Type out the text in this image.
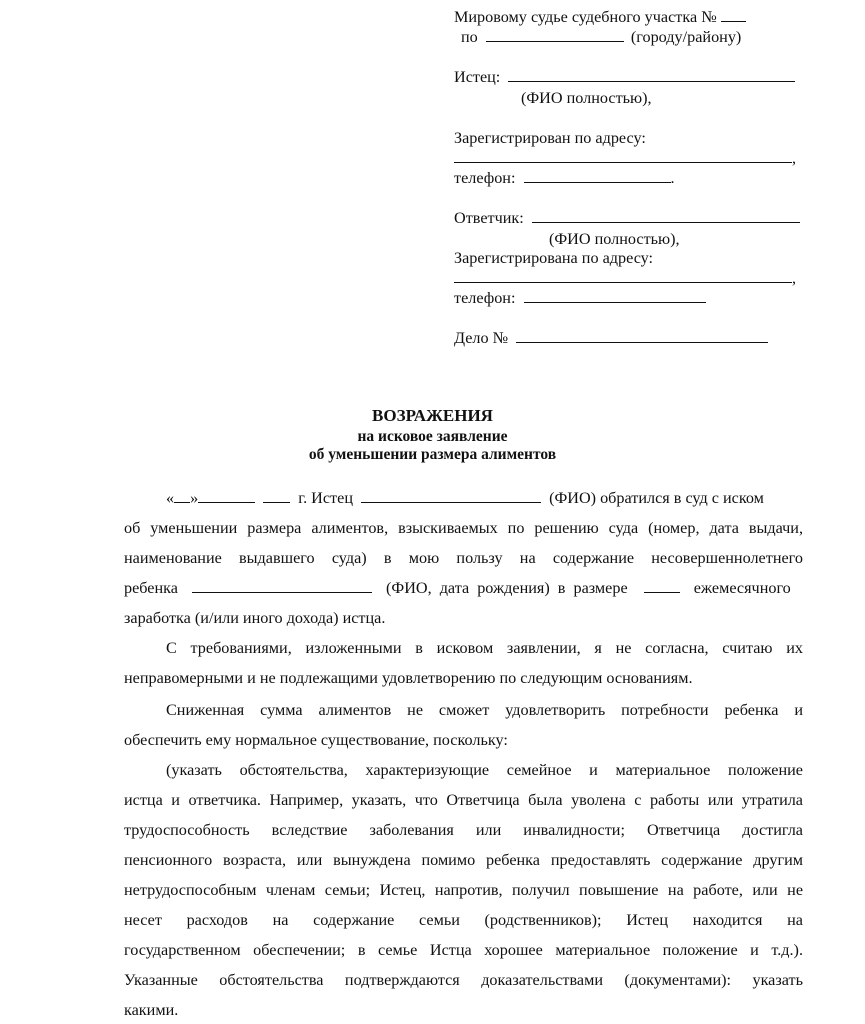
Мировому судье судебного участка №
по	(городу/району)
Истец:
(ФИО полностью),
Зарегистрирован по адресу:
,
телефон:	.
Ответчик:
(ФИО полностью),
Зарегистрирована по адресу:
,
телефон:
Дело №
ВОЗРАЖЕНИЯ
на исковое заявление
об уменьшении размера алиментов
« »	г. Истец	(ФИО) обратился в суд с иском
об уменьшении размера алиментов, взыскиваемых по решению суда (номер, дата выдачи,
наименование выдавшего суда) в мою пользу на содержание несовершеннолетнего
ребенка	(ФИО, дата рождения) в размере	ежемесячного
заработка (и/или иного дохода) истца.
С требованиями, изложенными в исковом заявлении, я не согласна, считаю их
неправомерными и не подлежащими удовлетворению по следующим основаниям.
Сниженная сумма алиментов не сможет удовлетворить потребности ребенка и
обеспечить ему нормальное существование, поскольку:
(указать обстоятельства, характеризующие семейное и материальное положение
истца и ответчика. Например, указать, что Ответчица была уволена с работы или утратила
трудоспособность вследствие заболевания или инвалидности; Ответчица достигла
пенсионного возраста, или вынуждена помимо ребенка предоставлять содержание другим
нетрудоспособным членам семьи; Истец, напротив, получил повышение на работе, или не
несет расходов на содержание семьи (родственников); Истец находится на
государственном обеспечении; в семье Истца хорошее материальное положение и т.д.).
Указанные обстоятельства подтверждаются доказательствами (документами): указать
какими.
